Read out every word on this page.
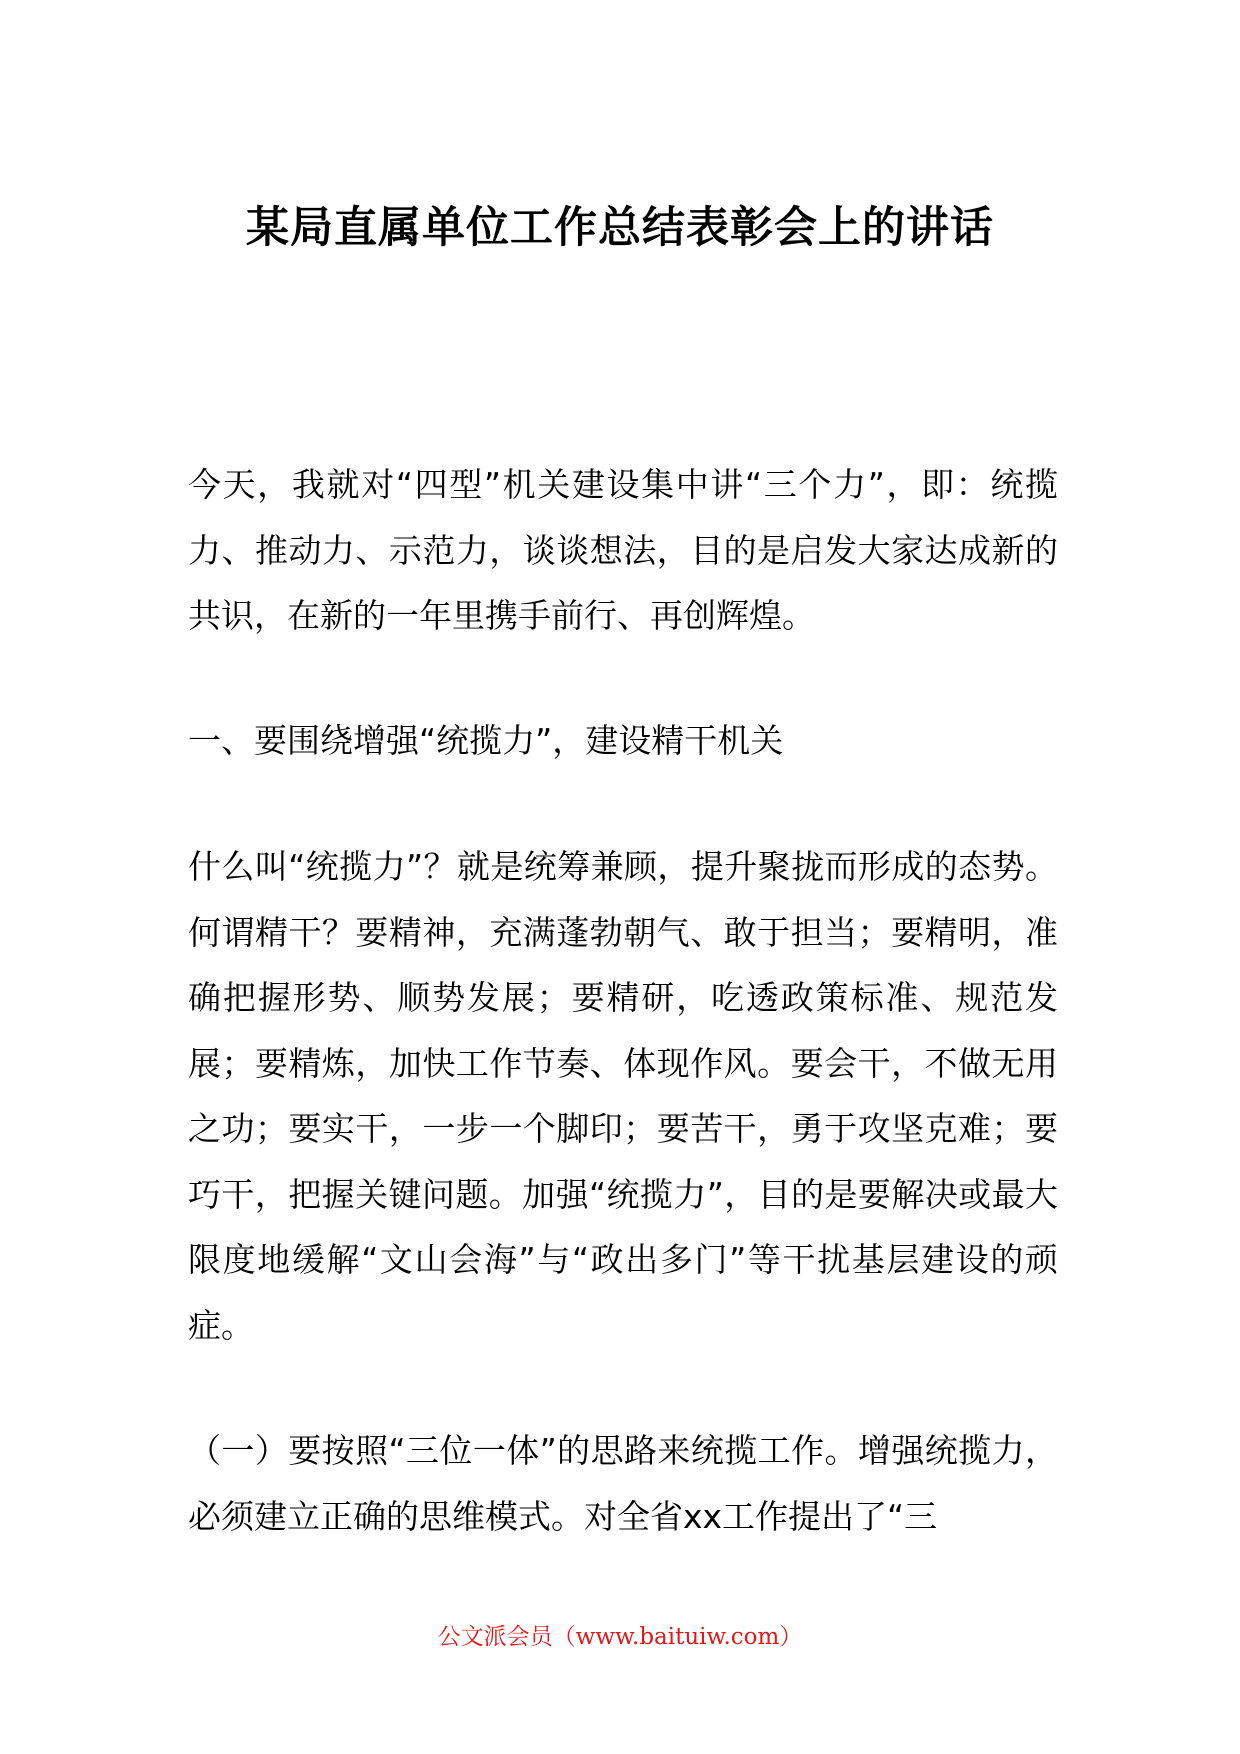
某局直属单位工作总结表彰会上的讲话

今天，我就对“四型”机关建设集中讲“三个力”，即：统揽力、推动力、示范力，谈谈想法，目的是启发大家达成新的共识，在新的一年里携手前行、再创辉煌。

一、要围绕增强“统揽力”，建设精干机关

什么叫“统揽力”？就是统筹兼顾，提升聚拢而形成的态势。何谓精干？要精神，充满蓬勃朝气、敢于担当；要精明，准确把握形势、顺势发展；要精研，吃透政策标准、规范发展；要精炼，加快工作节奏、体现作风。要会干，不做无用之功；要实干，一步一个脚印；要苦干，勇于攻坚克难；要巧干，把握关键问题。加强“统揽力”，目的是要解决或最大限度地缓解“文山会海”与“政出多门”等干扰基层建设的顽症。

（一）要按照“三位一体”的思路来统揽工作。增强统揽力，必须建立正确的思维模式。对全省xx工作提出了“三

公文派会员（www.baituiw.com）
